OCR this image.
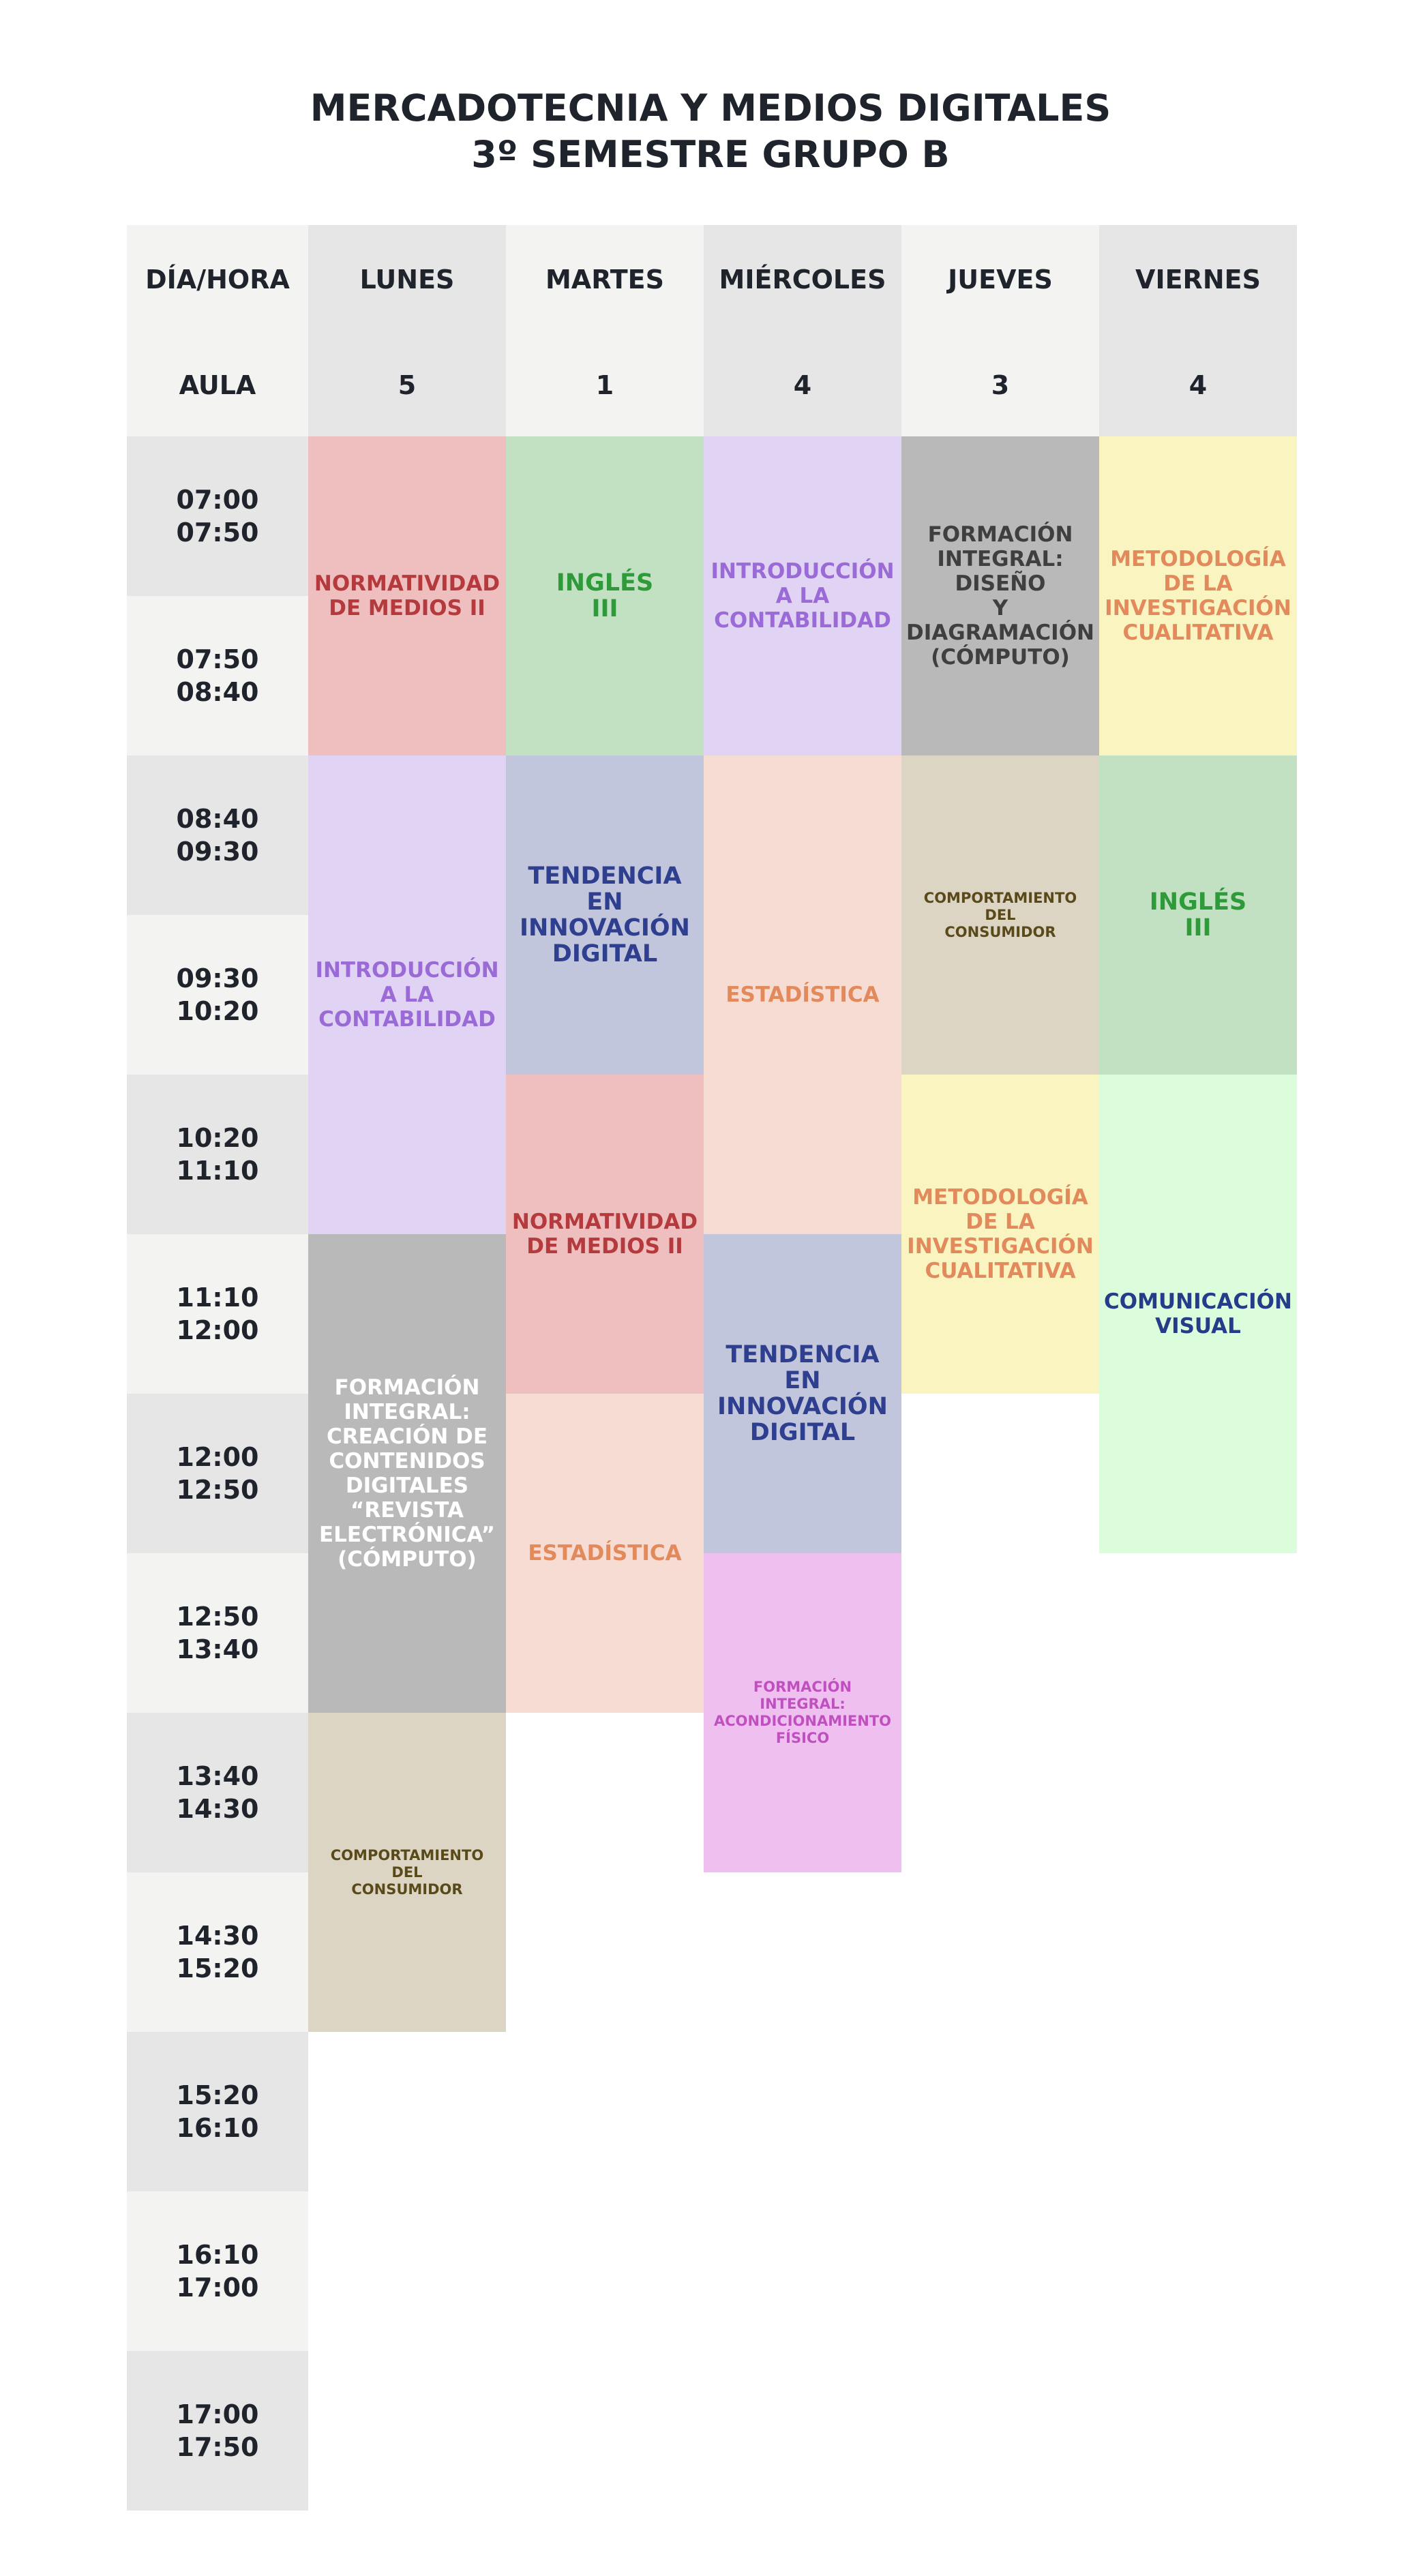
MERCADOTECNIA Y MEDIOS DIGITALES
3º SEMESTRE GRUPO B
DÍA/HORA
AULA
LUNES
5
MARTES
1
MIÉRCOLES
4
JUEVES
3
VIERNES
4
07:00
07:50
07:50
08:40
08:40
09:30
09:30
10:20
10:20
11:10
11:10
12:00
12:00
12:50
12:50
13:40
13:40
14:30
14:30
15:20
15:20
16:10
16:10
17:00
17:00
17:50
NORMATIVIDAD
DE MEDIOS II
INTRODUCCIÓN
A LA
CONTABILIDAD
FORMACIÓN
INTEGRAL:
CREACIÓN DE
CONTENIDOS
DIGITALES
“REVISTA
ELECTRÓNICA”
(CÓMPUTO)
COMPORTAMIENTO
DEL
CONSUMIDOR
INGLÉS
III
TENDENCIA
EN
INNOVACIÓN
DIGITAL
NORMATIVIDAD
DE MEDIOS II
ESTADÍSTICA
INTRODUCCIÓN
A LA
CONTABILIDAD
ESTADÍSTICA
TENDENCIA
EN
INNOVACIÓN
DIGITAL
FORMACIÓN
INTEGRAL:
ACONDICIONAMIENTO
FÍSICO
FORMACIÓN
INTEGRAL:
DISEÑO
Y
DIAGRAMACIÓN
(CÓMPUTO)
COMPORTAMIENTO
DEL
CONSUMIDOR
METODOLOGÍA
DE LA
INVESTIGACIÓN
CUALITATIVA
METODOLOGÍA
DE LA
INVESTIGACIÓN
CUALITATIVA
INGLÉS
III
COMUNICACIÓN
VISUAL
